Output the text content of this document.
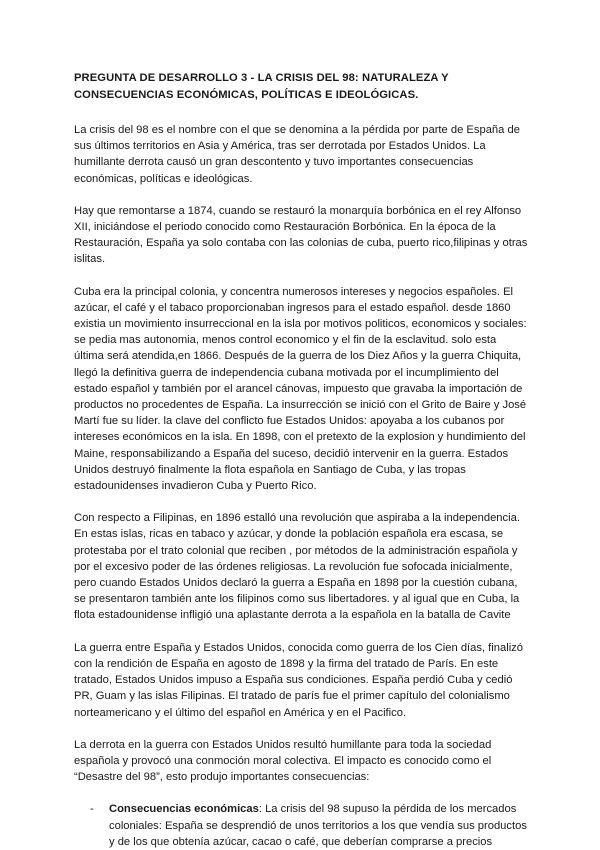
PREGUNTA DE DESARROLLO 3 - LA CRISIS DEL 98: NATURALEZA Y CONSECUENCIAS ECONÓMICAS, POLÍTICAS E IDEOLÓGICAS.

La crisis del 98 es el nombre con el que se denomina a la pérdida por parte de España de sus últimos territorios en Asia y América, tras ser derrotada por Estados Unidos. La humillante derrota causó un gran descontento y tuvo importantes consecuencias económicas, políticas e ideológicas.

Hay que remontarse a 1874, cuando se restauró la monarquía borbónica en el rey Alfonso XII, iniciándose el periodo conocido como Restauración Borbónica. En la época de la Restauración, España ya solo contaba con las colonias de cuba, puerto rico,filipinas y otras islitas.

Cuba era la principal colonia, y concentra numerosos intereses y negocios españoles. El azúcar, el café y el tabaco proporcionaban ingresos para el estado español. desde 1860 existia un movimiento insurreccional en la isla por motivos politicos, economicos y sociales: se pedia mas autonomia, menos control economico y el fin de la esclavitud. solo esta última será atendida,en 1866. Después de la guerra de los Diez Años y la guerra Chiquita, llegó la definitiva guerra de independencia cubana motivada por el incumplimiento del estado español y también por el arancel cánovas, impuesto que gravaba la importación de productos no procedentes de España. La insurrección se inició con el Grito de Baire y José Martí fue su líder. la clave del conflicto fue Estados Unidos: apoyaba a los cubanos por intereses económicos en la isla. En 1898, con el pretexto de la explosion y hundimiento del Maine, responsabilizando a España del suceso, decidió intervenir en la guerra. Estados Unidos destruyó finalmente la flota española en Santiago de Cuba, y las tropas estadounidenses invadieron Cuba y Puerto Rico.

Con respecto a Filipinas, en 1896 estalló una revolución que aspiraba a la independencia. En estas islas, ricas en tabaco y azúcar, y donde la población española era escasa, se protestaba por el trato colonial que reciben , por métodos de la administración española y por el excesivo poder de las órdenes religiosas. La revolución fue sofocada inicialmente, pero cuando Estados Unidos declaró la guerra a España en 1898 por la cuestión cubana, se presentaron también ante los filipinos como sus libertadores. y al igual que en Cuba, la flota estadounidense infligió una aplastante derrota a la española en la batalla de Cavite

La guerra entre España y Estados Unidos, conocida como guerra de los Cien días, finalizó con la rendición de España en agosto de 1898 y la firma del tratado de París. En este tratado, Estados Unidos impuso a España sus condiciones. España perdió Cuba y cedió PR, Guam y las islas Filipinas. El tratado de parís fue el primer capítulo del colonialismo norteamericano y el último del español en América y en el Pacifico.

La derrota en la guerra con Estados Unidos resultó humillante para toda la sociedad española y provocó una conmoción moral colectiva. El impacto es conocido como el “Desastre del 98”, esto produjo importantes consecuencias:

- Consecuencias económicas: La crisis del 98 supuso la pérdida de los mercados coloniales: España se desprendió de unos territorios a los que vendía sus productos y de los que obtenía azúcar, cacao o café, que deberían comprarse a precios
